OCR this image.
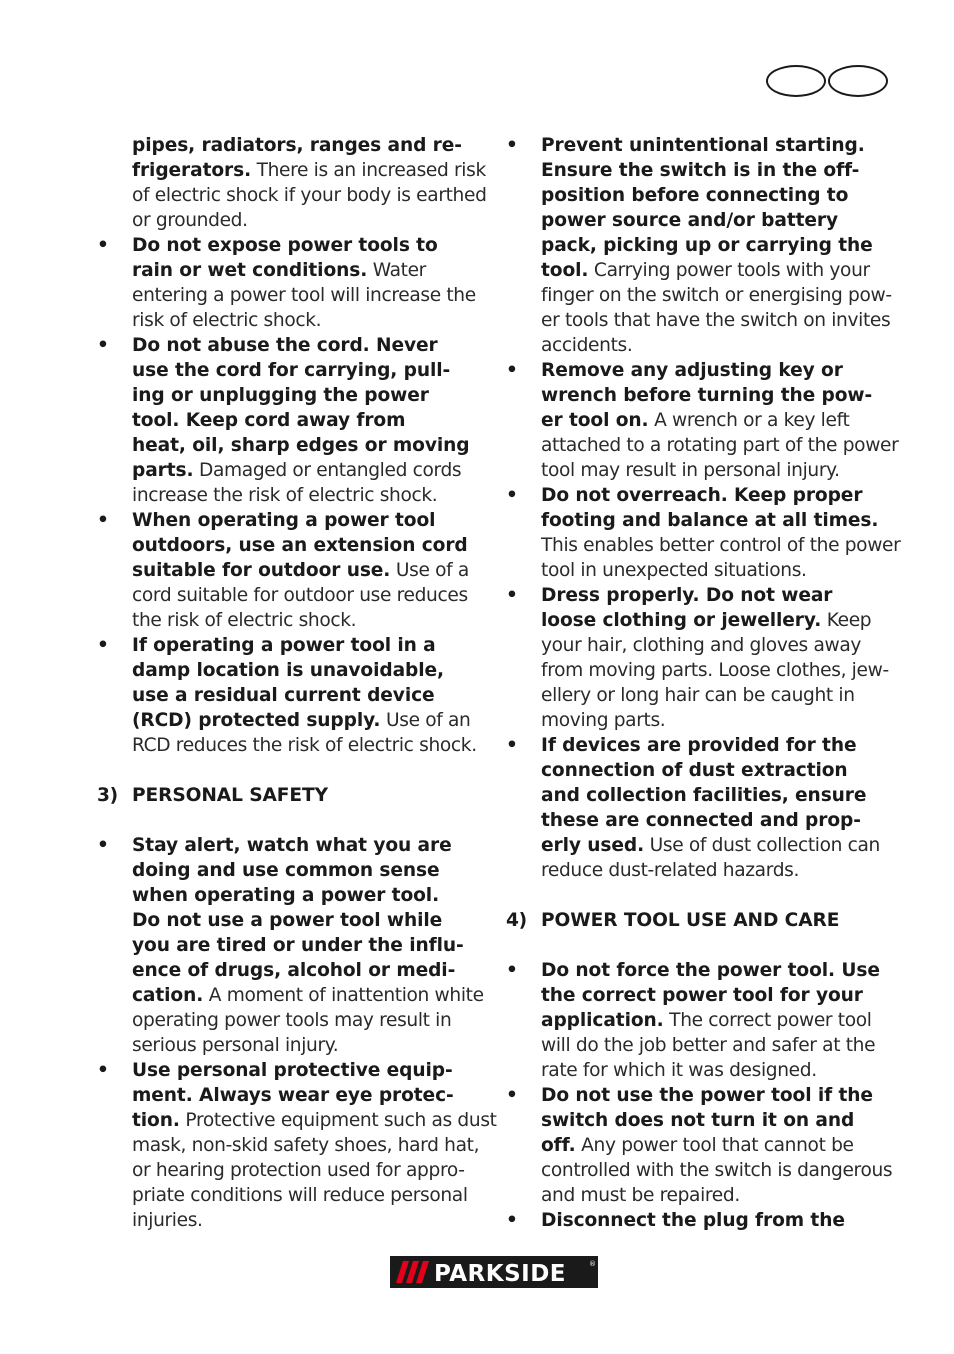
pipes, radiators, ranges and re-
frigerators. There is an increased risk
of electric shock if your body is earthed
or grounded.
• Do not expose power tools to
rain or wet conditions. Water
entering a power tool will increase the
risk of electric shock.
• Do not abuse the cord. Never
use the cord for carrying, pull-
ing or unplugging the power
tool. Keep cord away from
heat, oil, sharp edges or moving
parts. Damaged or entangled cords
increase the risk of electric shock.
• When operating a power tool
outdoors, use an extension cord
suitable for outdoor use. Use of a
cord suitable for outdoor use reduces
the risk of electric shock.
• If operating a power tool in a
damp location is unavoidable,
use a residual current device
(RCD) protected supply. Use of an
RCD reduces the risk of electric shock.
3) PERSONAL SAFETY
• Stay alert, watch what you are
doing and use common sense
when operating a power tool.
Do not use a power tool while
you are tired or under the influ-
ence of drugs, alcohol or medi-
cation. A moment of inattention white
operating power tools may result in
serious personal injury.
• Use personal protective equip-
ment. Always wear eye protec-
tion. Protective equipment such as dust
mask, non-skid safety shoes, hard hat,
or hearing protection used for appro-
priate conditions will reduce personal
injuries.
• Prevent unintentional starting.
Ensure the switch is in the off-
position before connecting to
power source and/or battery
pack, picking up or carrying the
tool. Carrying power tools with your
finger on the switch or energising pow-
er tools that have the switch on invites
accidents.
• Remove any adjusting key or
wrench before turning the pow-
er tool on. A wrench or a key left
attached to a rotating part of the power
tool may result in personal injury.
• Do not overreach. Keep proper
footing and balance at all times.
This enables better control of the power
tool in unexpected situations.
• Dress properly. Do not wear
loose clothing or jewellery. Keep
your hair, clothing and gloves away
from moving parts. Loose clothes, jew-
ellery or long hair can be caught in
moving parts.
• If devices are provided for the
connection of dust extraction
and collection facilities, ensure
these are connected and prop-
erly used. Use of dust collection can
reduce dust-related hazards.
4) POWER TOOL USE AND CARE
• Do not force the power tool. Use
the correct power tool for your
application. The correct power tool
will do the job better and safer at the
rate for which it was designed.
• Do not use the power tool if the
switch does not turn it on and
off. Any power tool that cannot be
controlled with the switch is dangerous
and must be repaired.
• Disconnect the plug from the
PARKSIDE	®
